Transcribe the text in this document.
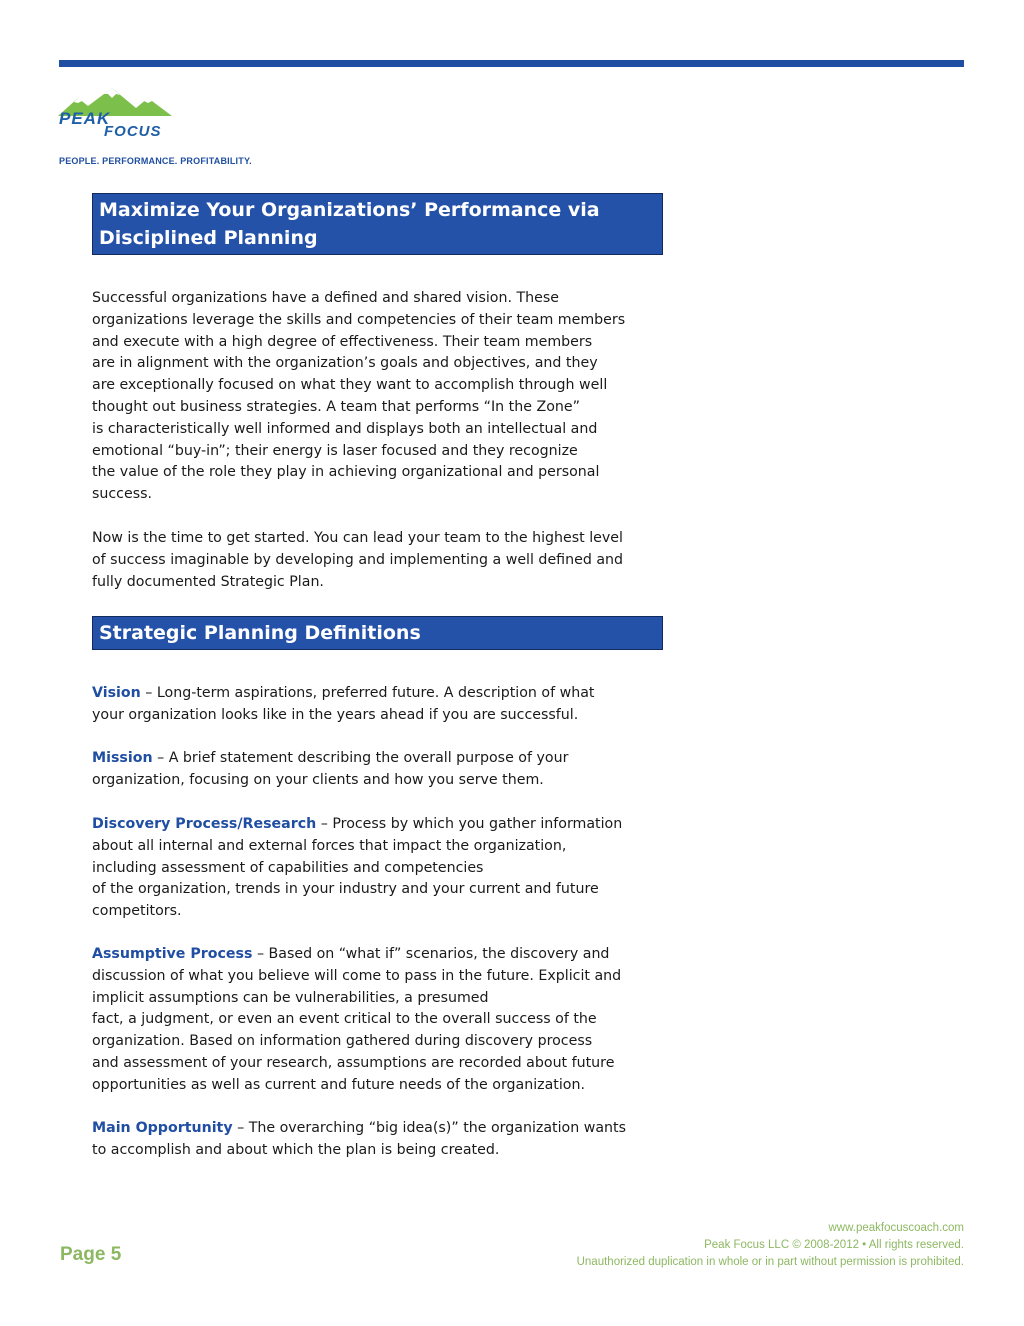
PEAK
FOCUS
PEOPLE. PERFORMANCE. PROFITABILITY.
Maximize Your Organizations’ Performance via
Disciplined Planning

Successful organizations have a defined and shared vision. These
organizations leverage the skills and competencies of their team members
and execute with a high degree of effectiveness. Their team members
are in alignment with the organization’s goals and objectives, and they
are exceptionally focused on what they want to accomplish through well
thought out business strategies. A team that performs “In the Zone”
is characteristically well informed and displays both an intellectual and
emotional “buy-in”; their energy is laser focused and they recognize
the value of the role they play in achieving organizational and personal
success.

Now is the time to get started. You can lead your team to the highest level
of success imaginable by developing and implementing a well defined and
fully documented Strategic Plan.

Strategic Planning Definitions

Vision – Long-term aspirations, preferred future. A description of what
your organization looks like in the years ahead if you are successful.

Mission – A brief statement describing the overall purpose of your
organization, focusing on your clients and how you serve them.

Discovery Process/Research – Process by which you gather information
about all internal and external forces that impact the organization,
including assessment of capabilities and competencies
of the organization, trends in your industry and your current and future
competitors.

Assumptive Process – Based on “what if” scenarios, the discovery and
discussion of what you believe will come to pass in the future. Explicit and
implicit assumptions can be vulnerabilities, a presumed
fact, a judgment, or even an event critical to the overall success of the
organization. Based on information gathered during discovery process
and assessment of your research, assumptions are recorded about future
opportunities as well as current and future needs of the organization.

Main Opportunity – The overarching “big idea(s)” the organization wants
to accomplish and about which the plan is being created.

Page 5
www.peakfocuscoach.com
Peak Focus LLC © 2008-2012 • All rights reserved.
Unauthorized duplication in whole or in part without permission is prohibited.
